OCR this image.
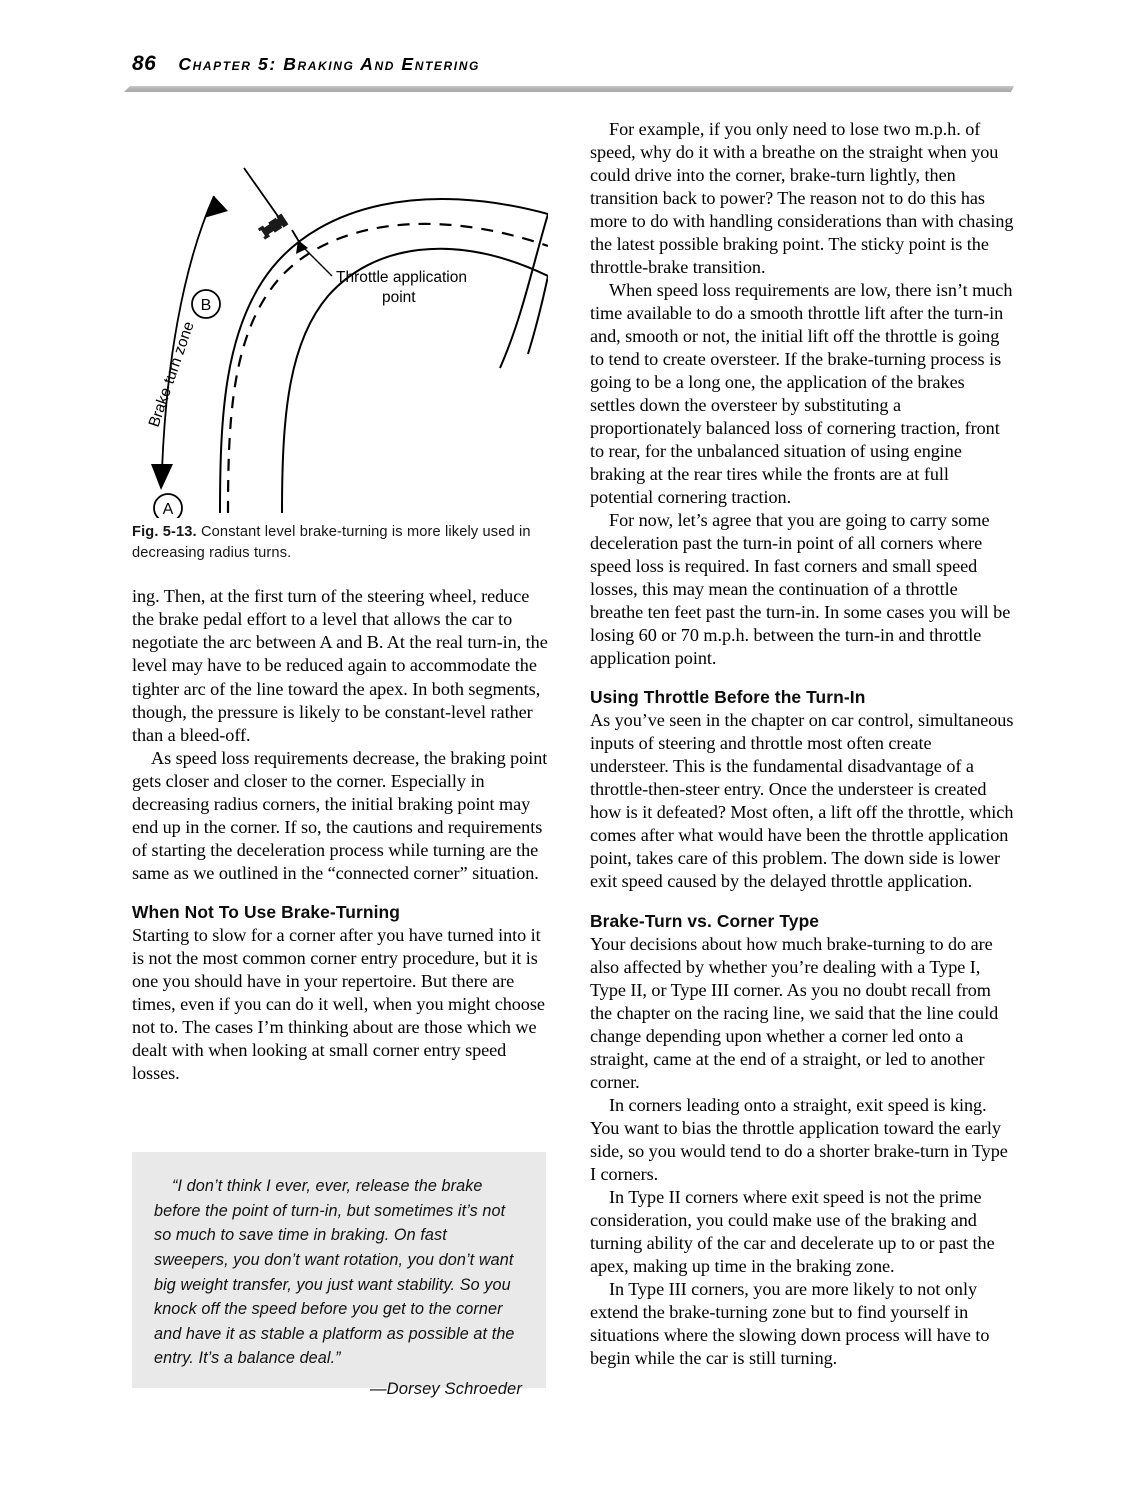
86 Chapter 5: Braking And Entering
Throttle application
point
A
B
Brake-turn zone
Fig. 5-13. Constant level brake-turning is more likely used in decreasing radius turns.

ing. Then, at the first turn of the steering wheel, reduce the brake pedal effort to a level that allows the car to negotiate the arc between A and B. At the real turn-in, the level may have to be reduced again to accommodate the tighter arc of the line toward the apex. In both segments, though, the pressure is likely to be constant-level rather than a bleed-off.

As speed loss requirements decrease, the braking point gets closer and closer to the corner. Especially in decreasing radius corners, the initial braking point may end up in the corner. If so, the cautions and requirements of starting the deceleration process while turning are the same as we outlined in the “connected corner” situation.

When Not To Use Brake-Turning

Starting to slow for a corner after you have turned into it is not the most common corner entry procedure, but it is one you should have in your repertoire. But there are times, even if you can do it well, when you might choose not to. The cases I’m thinking about are those which we dealt with when looking at small corner entry speed losses.

“I don’t think I ever, ever, release the brake before the point of turn-in, but sometimes it’s not so much to save time in braking. On fast sweepers, you don’t want rotation, you don’t want big weight transfer, you just want stability. So you knock off the speed before you get to the corner and have it as stable a platform as possible at the entry. It’s a balance deal.”

—Dorsey Schroeder

For example, if you only need to lose two m.p.h. of speed, why do it with a breathe on the straight when you could drive into the corner, brake-turn lightly, then transition back to power? The reason not to do this has more to do with handling considerations than with chasing the latest possible braking point. The sticky point is the throttle-brake transition.

When speed loss requirements are low, there isn’t much time available to do a smooth throttle lift after the turn-in and, smooth or not, the initial lift off the throttle is going to tend to create oversteer. If the brake-turning process is going to be a long one, the application of the brakes settles down the oversteer by substituting a proportionately balanced loss of cornering traction, front to rear, for the unbalanced situation of using engine braking at the rear tires while the fronts are at full potential cornering traction.

For now, let’s agree that you are going to carry some deceleration past the turn-in point of all corners where speed loss is required. In fast corners and small speed losses, this may mean the continuation of a throttle breathe ten feet past the turn-in. In some cases you will be losing 60 or 70 m.p.h. between the turn-in and throttle application point.

Using Throttle Before the Turn-In

As you’ve seen in the chapter on car control, simultaneous inputs of steering and throttle most often create understeer. This is the fundamental disadvantage of a throttle-then-steer entry. Once the understeer is created how is it defeated? Most often, a lift off the throttle, which comes after what would have been the throttle application point, takes care of this problem. The down side is lower exit speed caused by the delayed throttle application.

Brake-Turn vs. Corner Type

Your decisions about how much brake-turning to do are also affected by whether you’re dealing with a Type I, Type II, or Type III corner. As you no doubt recall from the chapter on the racing line, we said that the line could change depending upon whether a corner led onto a straight, came at the end of a straight, or led to another corner.

In corners leading onto a straight, exit speed is king. You want to bias the throttle application toward the early side, so you would tend to do a shorter brake-turn in Type I corners.

In Type II corners where exit speed is not the prime consideration, you could make use of the braking and turning ability of the car and decelerate up to or past the apex, making up time in the braking zone.

In Type III corners, you are more likely to not only extend the brake-turning zone but to find yourself in situations where the slowing down process will have to begin while the car is still turning.
